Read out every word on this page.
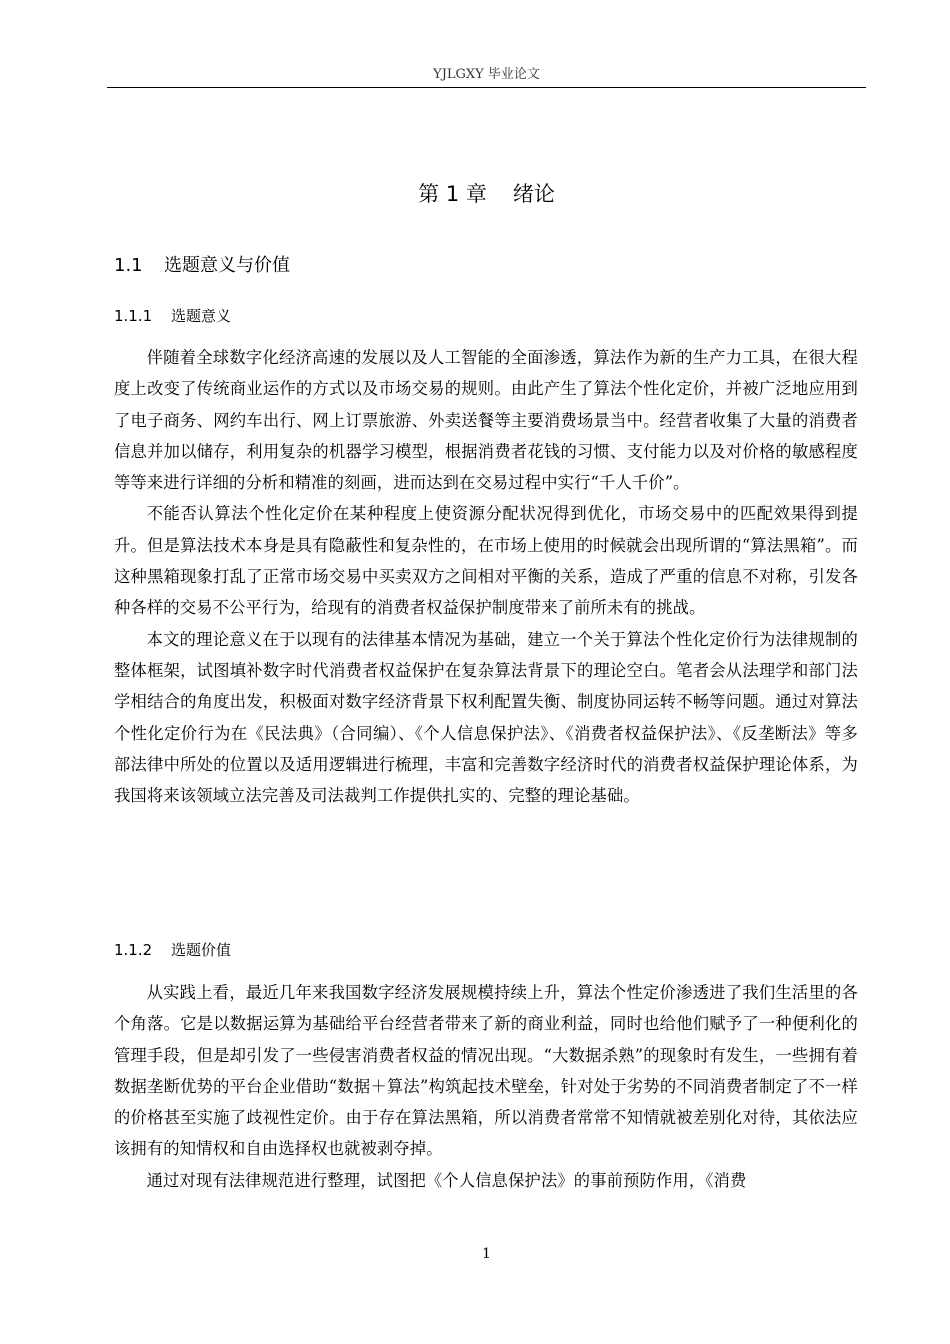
YJLGXY 毕业论文
第 1 章 绪论
1.1 选题意义与价值
1.1.1 选题意义

伴随着全球数字化经济高速的发展以及人工智能的全面渗透，算法作为新的生产力工具，在很大程度上改变了传统商业运作的方式以及市场交易的规则。由此产生了算法个性化定价，并被广泛地应用到了电子商务、网约车出行、网上订票旅游、外卖送餐等主要消费场景当中。经营者收集了大量的消费者信息并加以储存，利用复杂的机器学习模型，根据消费者花钱的习惯、支付能力以及对价格的敏感程度等等来进行详细的分析和精准的刻画，进而达到在交易过程中实行“千人千价”。

不能否认算法个性化定价在某种程度上使资源分配状况得到优化，市场交易中的匹配效果得到提升。但是算法技术本身是具有隐蔽性和复杂性的，在市场上使用的时候就会出现所谓的“算法黑箱”。而这种黑箱现象打乱了正常市场交易中买卖双方之间相对平衡的关系，造成了严重的信息不对称，引发各种各样的交易不公平行为，给现有的消费者权益保护制度带来了前所未有的挑战。

本文的理论意义在于以现有的法律基本情况为基础，建立一个关于算法个性化定价行为法律规制的整体框架，试图填补数字时代消费者权益保护在复杂算法背景下的理论空白。笔者会从法理学和部门法学相结合的角度出发，积极面对数字经济背景下权利配置失衡、制度协同运转不畅等问题。通过对算法个性化定价行为在《民法典》（合同编）、《个人信息保护法》、《消费者权益保护法》、《反垄断法》等多部法律中所处的位置以及适用逻辑进行梳理，丰富和完善数字经济时代的消费者权益保护理论体系，为我国将来该领域立法完善及司法裁判工作提供扎实的、完整的理论基础。

1.1.2 选题价值

从实践上看，最近几年来我国数字经济发展规模持续上升，算法个性定价渗透进了我们生活里的各个角落。它是以数据运算为基础给平台经营者带来了新的商业利益，同时也给他们赋予了一种便利化的管理手段，但是却引发了一些侵害消费者权益的情况出现。“大数据杀熟”的现象时有发生，一些拥有着数据垄断优势的平台企业借助“数据＋算法”构筑起技术壁垒，针对处于劣势的不同消费者制定了不一样的价格甚至实施了歧视性定价。由于存在算法黑箱，所以消费者常常不知情就被差别化对待，其依法应该拥有的知情权和自由选择权也就被剥夺掉。

通过对现有法律规范进行整理，试图把《个人信息保护法》的事前预防作用，《消费

1
